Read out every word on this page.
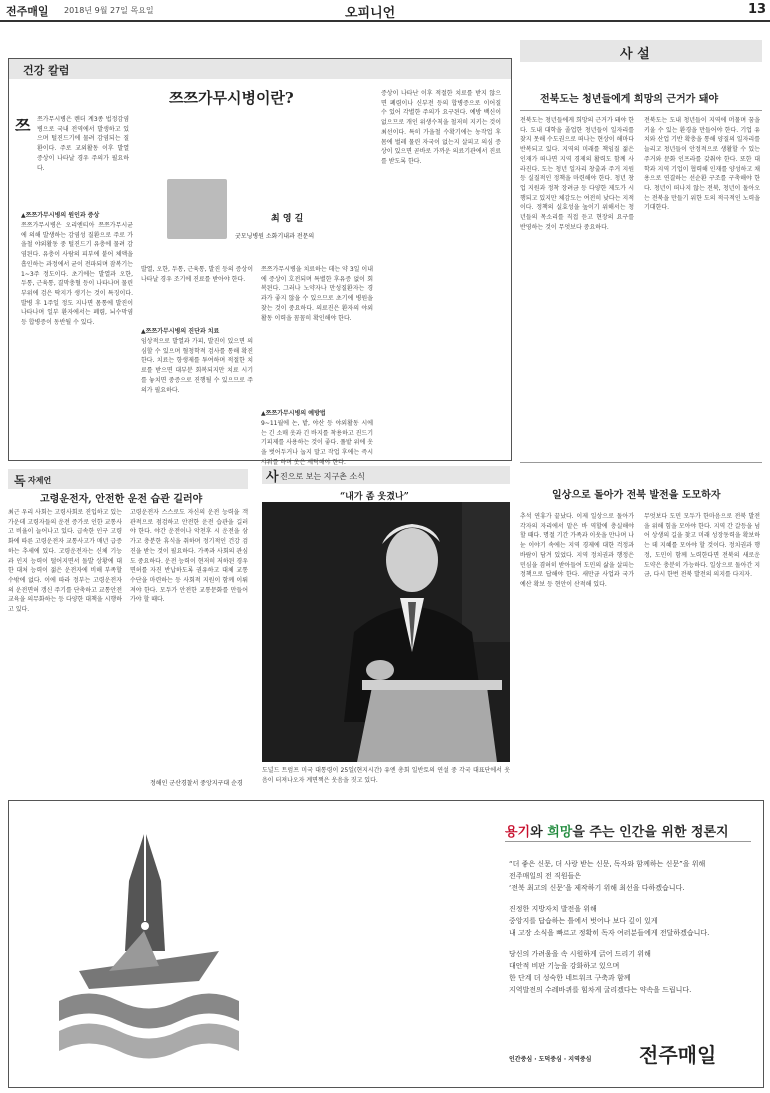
전주매일 2018년 9월 27일 목요일	오피니언	13
건강 칼럼
쯔쯔가무시병이란?
최 영 길
굿모닝병원 소화기내과 전문의
쯔 쯔가무시병은 렌더 계3종 법정감염병으로 국내 전역에서 발생하고 있으며 털진드기에 물려 감염되는 질환이다. 주로 교외활동 이후 발열 증상이 나타날 경우 주의가 필요하다.
▲쯔쯔가무시병의 원인과 증상
쯔쯔가무시병은 오리엔티아 쯔쯔가무시균에 의해 발생하는 감염성 질환으로 주로 가을철 야외활동 중 털진드기 유충에 물려 감염된다. 유충이 사람의 피부에 붙어 체액을 흡인하는 과정에서 균이 전파되며 잠복기는 1~3주 정도이다. 초기에는 발열과 오한, 두통, 근육통, 결막충혈 등이 나타나며 물린 부위에 검은 딱지가 생기는 것이 특징이다. 발병 후 1주일 정도 지나면 몸통에 발진이 나타나며 일부 환자에서는 폐렴, 뇌수막염 등 합병증이 동반될 수 있다.
발열, 오한, 두통, 근육통, 발진 등의 증상이 나타날 경우 조기에 진료를 받아야 한다.
▲쯔쯔가무시병의 진단과 치료
임상적으로 발열과 가피, 발진이 있으면 의심할 수 있으며 혈청학적 검사를 통해 확진한다. 치료는 항생제를 투여하며 적절한 치료를 받으면 대부분 회복되지만 치료 시기를 놓치면 중증으로 진행될 수 있으므로 주의가 필요하다.
쯔쯔가무시병을 치료하는 데는 약 3일 이내에 증상이 호전되며 특별한 후유증 없이 회복된다. 그러나 노약자나 만성질환자는 경과가 좋지 않을 수 있으므로 초기에 병원을 찾는 것이 중요하다. 의료진은 환자의 야외활동 이력을 꼼꼼히 확인해야 한다.
▲쯔쯔가무시병의 예방법
9~11월에 논, 밭, 야산 등 야외활동 시에는 긴 소매 옷과 긴 바지를 착용하고 진드기 기피제를 사용하는 것이 좋다. 풀밭 위에 옷을 벗어두거나 눕지 말고 작업 후에는 즉시 샤워를 하며 옷은 세탁해야 한다.
증상이 나타난 이후 적절한 치료를 받지 않으면 폐렴이나 신부전 등의 합병증으로 이어질 수 있어 각별한 주의가 요구된다. 예방 백신이 없으므로 개인 위생수칙을 철저히 지키는 것이 최선이다. 특히 가을철 수확기에는 농작업 후 몸에 벌레 물린 자국이 없는지 살피고 의심 증상이 있으면 곧바로 가까운 의료기관에서 진료를 받도록 한다.
사 설
전북도는 청년들에게 희망의 근거가 돼야
전북도는 청년들에게 희망의 근거가 돼야 한다. 도내 대학을 졸업한 청년들이 일자리를 찾지 못해 수도권으로 떠나는 현상이 해마다 반복되고 있다. 지역의 미래를 책임질 젊은 인재가 떠나면 지역 경제의 활력도 함께 사라진다. 도는 청년 일자리 창출과 주거 지원 등 실질적인 정책을 마련해야 한다. 청년 창업 지원과 정착 장려금 등 다양한 제도가 시행되고 있지만 체감도는 여전히 낮다는 지적이다. 정책의 실효성을 높이기 위해서는 청년들의 목소리를 직접 듣고 현장의 요구를 반영하는 것이 무엇보다 중요하다.
전북도는 도내 청년들이 지역에 머물며 꿈을 키울 수 있는 환경을 만들어야 한다. 기업 유치와 산업 기반 확충을 통해 양질의 일자리를 늘리고 청년들이 안정적으로 생활할 수 있는 주거와 문화 인프라를 갖춰야 한다. 또한 대학과 지역 기업이 협력해 인재를 양성하고 채용으로 연결하는 선순환 구조를 구축해야 한다. 청년이 떠나지 않는 전북, 청년이 돌아오는 전북을 만들기 위한 도의 적극적인 노력을 기대한다.
일상으로 돌아가 전북 발전을 도모하자
추석 연휴가 끝났다. 이제 일상으로 돌아가 각자의 자리에서 맡은 바 역할에 충실해야 할 때다. 명절 기간 가족과 이웃을 만나며 나눈 이야기 속에는 지역 경제에 대한 걱정과 바람이 담겨 있었다. 지역 정치권과 행정은 민심을 겸허히 받아들여 도민의 삶을 살피는 정책으로 답해야 한다. 새만금 사업과 국가예산 확보 등 현안이 산적해 있다.
무엇보다 도민 모두가 한마음으로 전북 발전을 위해 힘을 모아야 한다. 지역 간 갈등을 넘어 상생의 길을 찾고 미래 성장동력을 확보하는 데 지혜를 모아야 할 것이다. 정치권과 행정, 도민이 함께 노력한다면 전북의 새로운 도약은 충분히 가능하다. 일상으로 돌아간 지금, 다시 한번 전북 발전의 의지를 다지자.
독 자제언
고령운전자, 안전한 운전 습관 길러야
최근 우리 사회는 고령사회로 진입하고 있는 가운데 고령자들의 운전 증가로 인한 교통사고 비율이 늘어나고 있다. 급속한 인구 고령화에 따른 고령운전자 교통사고가 매년 급증하는 추세에 있다. 고령운전자는 신체 기능과 인지 능력이 떨어지면서 돌발 상황에 대한 대처 능력이 젊은 운전자에 비해 부족할 수밖에 없다. 이에 따라 정부는 고령운전자의 운전면허 갱신 주기를 단축하고 교통안전교육을 의무화하는 등 다양한 대책을 시행하고 있다.
고령운전자 스스로도 자신의 운전 능력을 객관적으로 점검하고 안전한 운전 습관을 길러야 한다. 야간 운전이나 악천후 시 운전을 삼가고 충분한 휴식을 취하며 정기적인 건강 검진을 받는 것이 필요하다. 가족과 사회의 관심도 중요하다. 운전 능력이 현저히 저하된 경우 면허를 자진 반납하도록 권유하고 대체 교통수단을 마련하는 등 사회적 지원이 함께 이뤄져야 한다. 모두가 안전한 교통문화를 만들어 가야 할 때다.
정해인 군산경찰서 중앙지구대 순경
사 진으로 보는 지구촌 소식
“내가 좀 웃겼나”
도널드 트럼프 미국 대통령이 25일(현지시간) 유엔 총회 일반토의 연설 중 각국 대표단에서 웃음이 터져나오자 계면쩍은 웃음을 짓고 있다.
용기와 희망을 주는 인간을 위한 정론지
“더 좋은 신문, 더 사랑 받는 신문, 독자와 함께하는 신문”을 위해
전주매일의 전 직원들은
‘전북 최고의 신문’을 제작하기 위해 최선을 다하겠습니다.
진정한 지방자치 발전을 위해
중앙지를 답습하는 틀에서 벗어나 보다 깊이 있게
내 고장 소식을 빠르고 정확히 독자 여러분들에게 전달하겠습니다.
당신의 가려움을 속 시원하게 긁어 드리기 위해
대안적 비판 기능을 강화하고 있으며
한 단계 더 성숙한 네트워크 구축과 함께
지역발전의 수레바퀴를 힘차게 굴리겠다는 약속을 드립니다.
인간중심 · 도덕중심 · 지역중심 전주매일
